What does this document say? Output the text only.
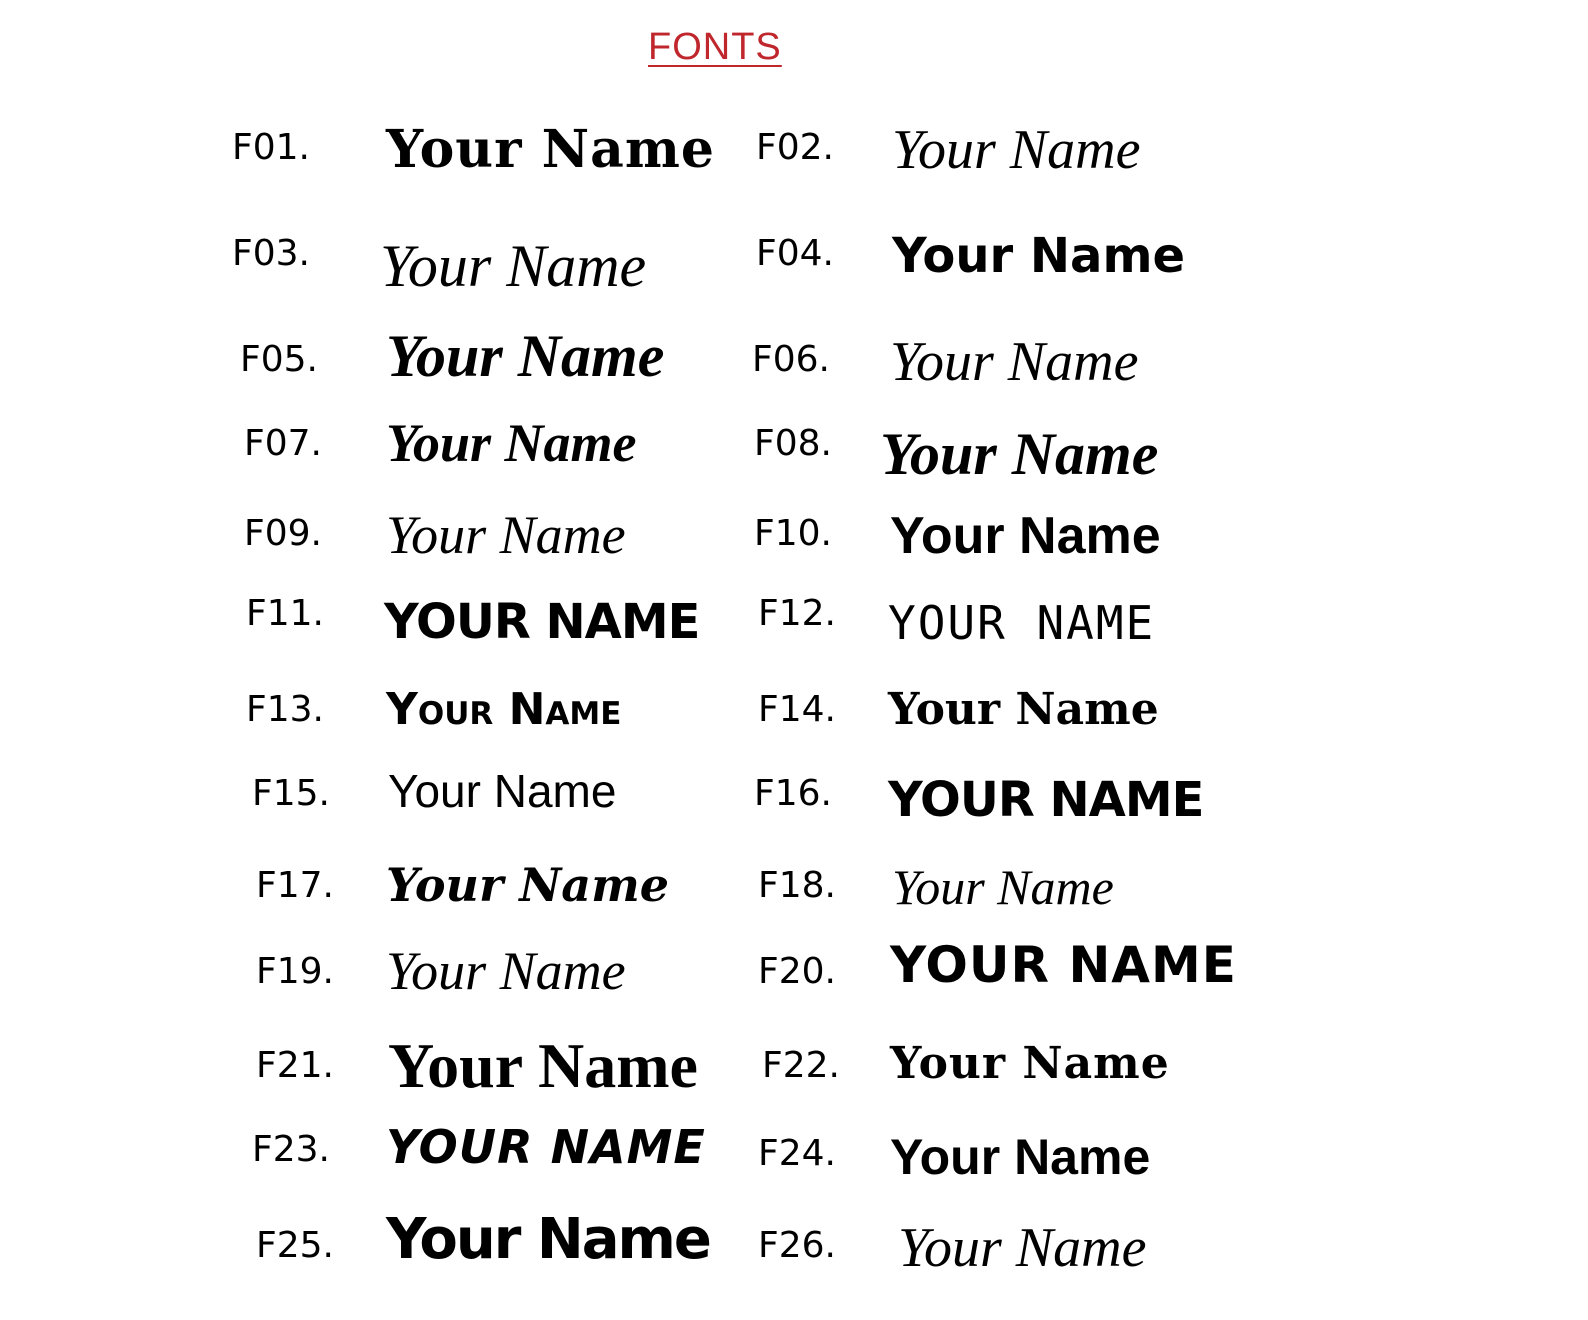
FONTS
F01. Your Name F02. Your Name
F03. Your Name	F04. Your Name
F05. Your Name F06. Your Name
F07. Your Name	F08. Your Name
F09. Your Name	F10. Your Name
F11. YOUR NAME F12. YOUR NAME
F13. Your Name	F14. Your Name
F15. Your Name	F16. YOUR NAME
F17. Your Name F18. Your Name
F19. Your Name	F20. YOUR NAME
F21. Your Name F22. Your Name
F23. YOUR NAME F24. Your Name
F25. Your Name F26. Your Name
